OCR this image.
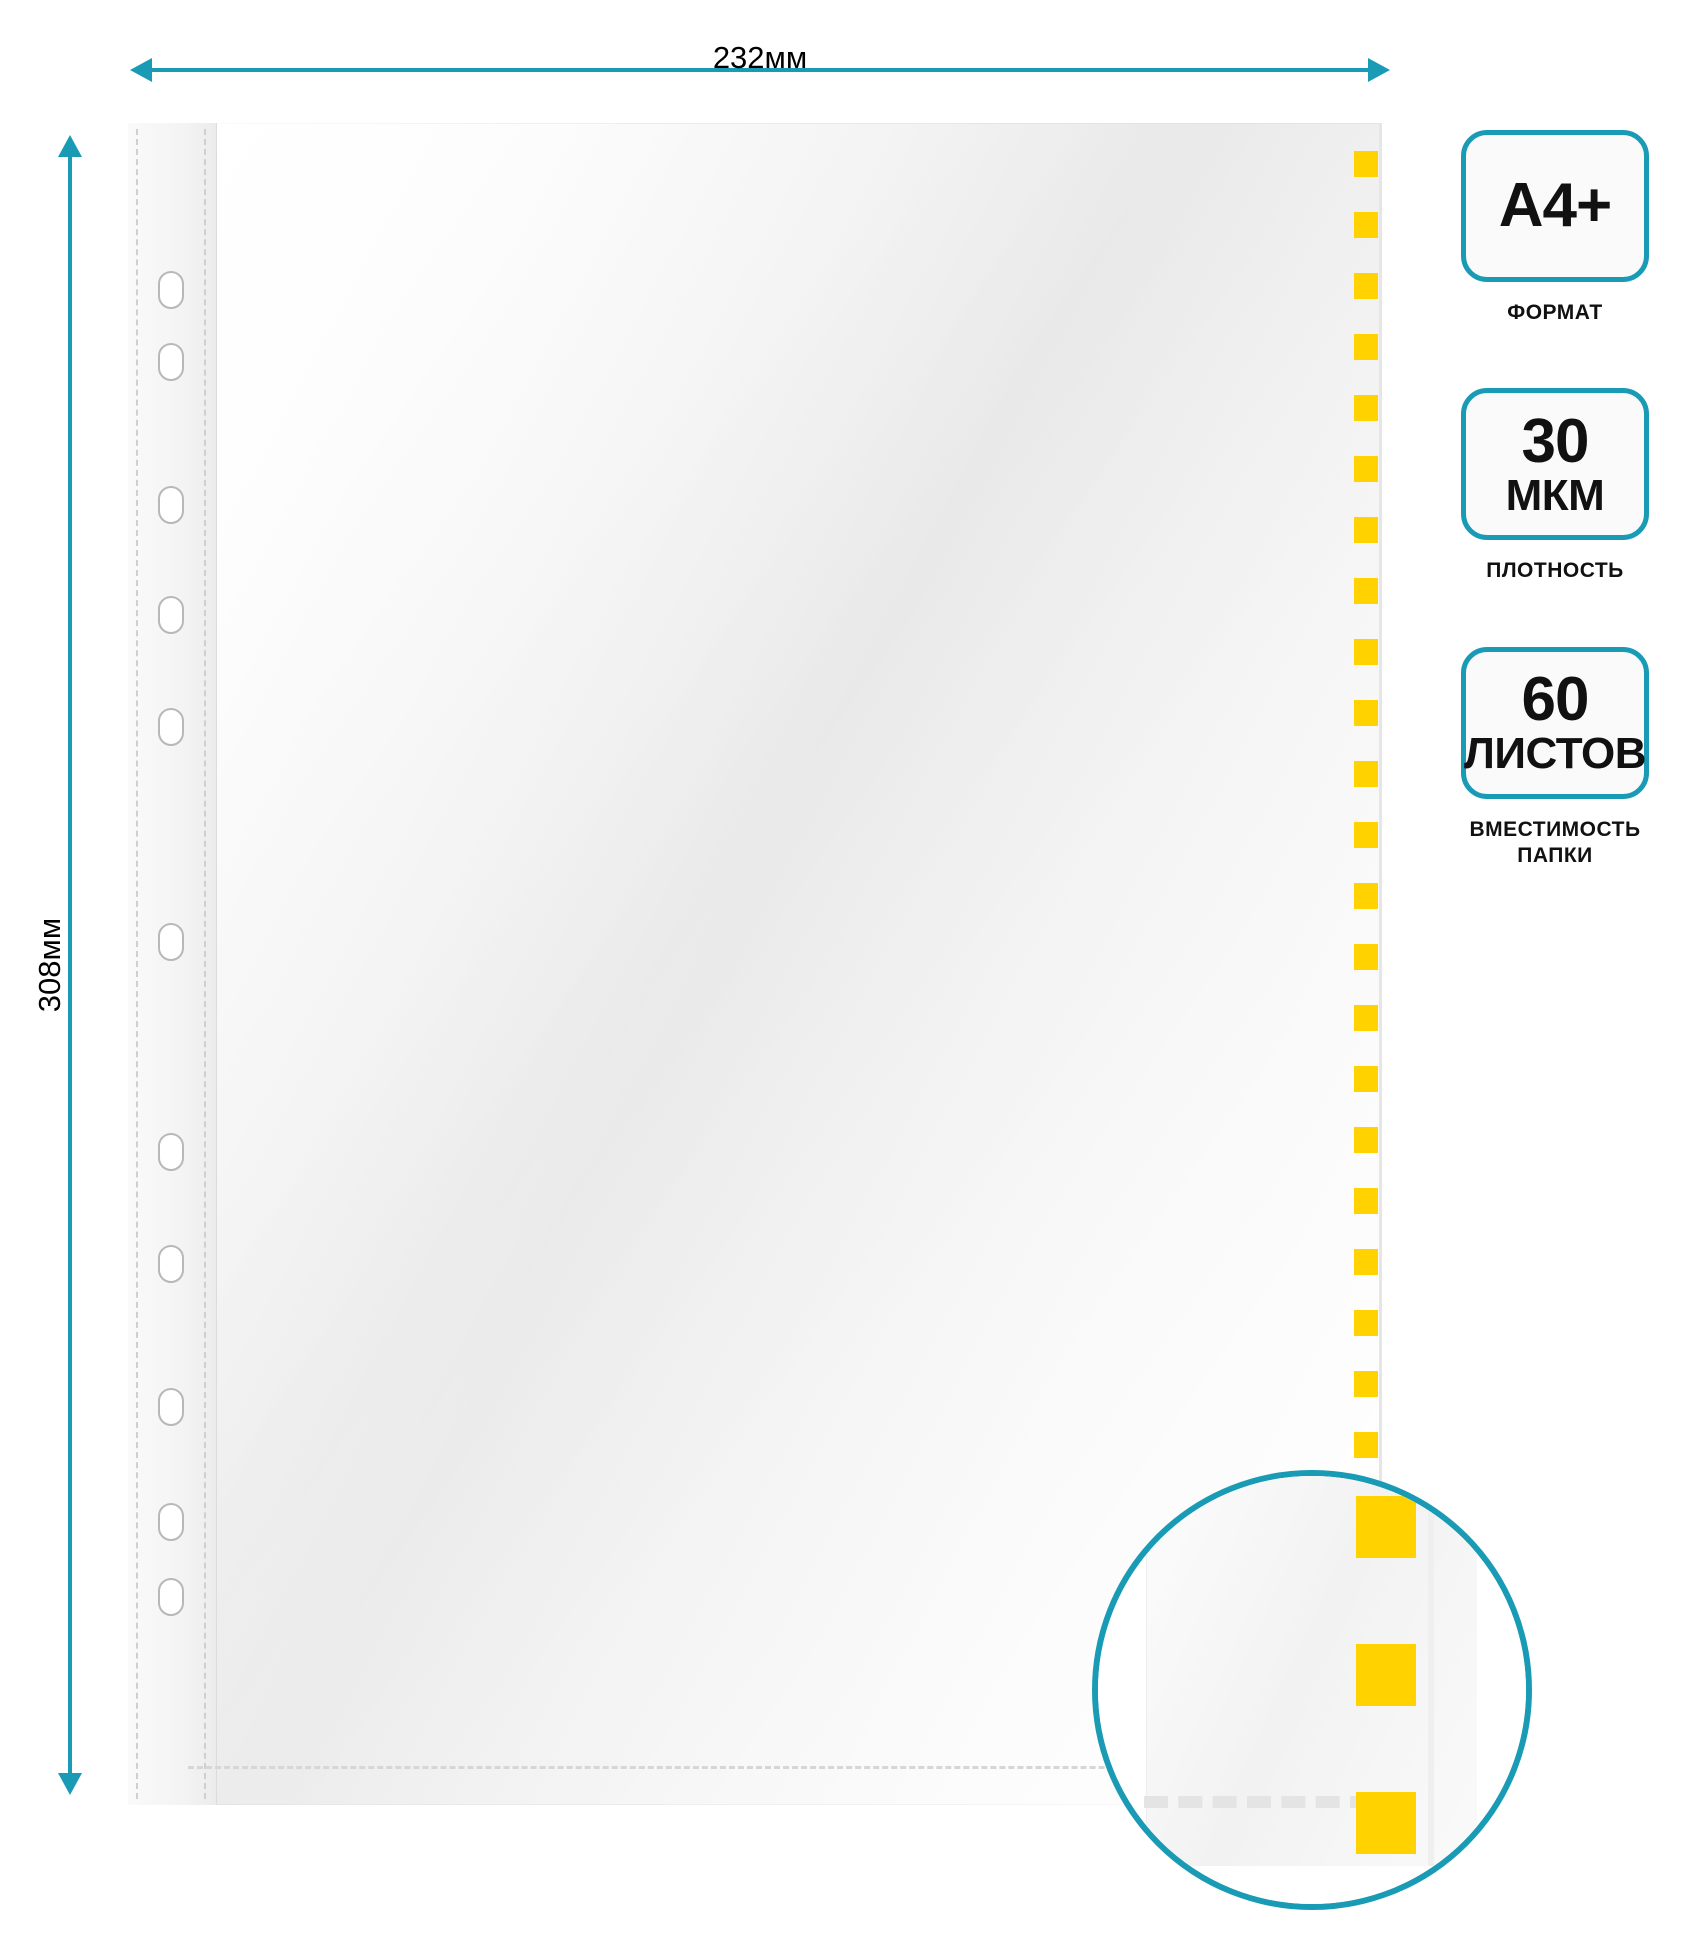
232мм
308мм
A4+
ФОРМАТ
30
МКМ
ПЛОТНОСТЬ
60
ЛИСТОВ
ВМЕСТИМОСТЬ ПАПКИ
